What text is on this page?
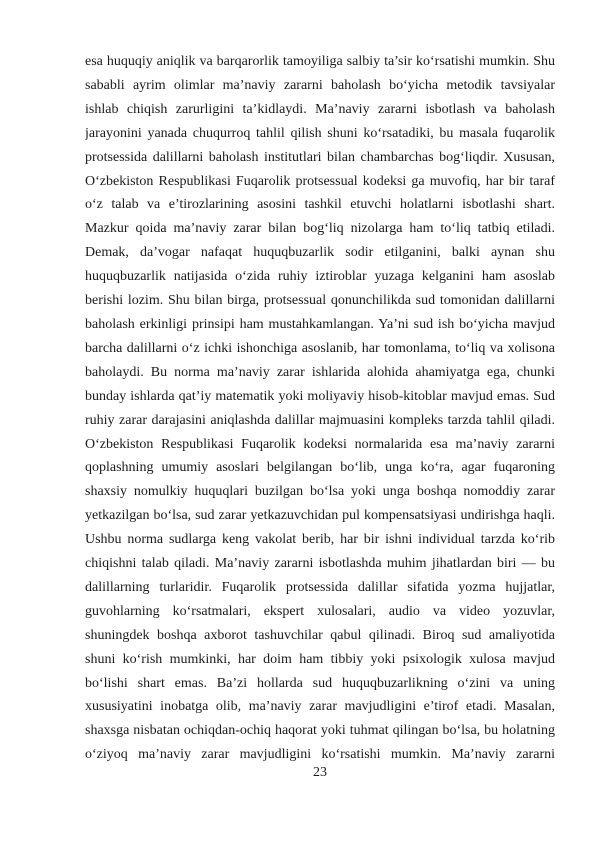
esa huquqiy aniqlik va barqarorlik tamoyiliga salbiy ta’sir ko‘rsatishi mumkin. Shu
sababli ayrim olimlar ma’naviy zararni baholash bo‘yicha metodik tavsiyalar
ishlab chiqish zarurligini ta’kidlaydi. Ma’naviy zararni isbotlash va baholash
jarayonini yanada chuqurroq tahlil qilish shuni ko‘rsatadiki, bu masala fuqarolik
protsessida dalillarni baholash institutlari bilan chambarchas bog‘liqdir. Xususan,
O‘zbekiston Respublikasi Fuqarolik protsessual kodeksi ga muvofiq, har bir taraf
o‘z talab va e’tirozlarining asosini tashkil etuvchi holatlarni isbotlashi shart.
Mazkur qoida ma’naviy zarar bilan bog‘liq nizolarga ham to‘liq tatbiq etiladi.
Demak, da’vogar nafaqat huquqbuzarlik sodir etilganini, balki aynan shu
huquqbuzarlik natijasida o‘zida ruhiy iztiroblar yuzaga kelganini ham asoslab
berishi lozim. Shu bilan birga, protsessual qonunchilikda sud tomonidan dalillarni
baholash erkinligi prinsipi ham mustahkamlangan. Ya’ni sud ish bo‘yicha mavjud
barcha dalillarni o‘z ichki ishonchiga asoslanib, har tomonlama, to‘liq va xolisona
baholaydi. Bu norma ma’naviy zarar ishlarida alohida ahamiyatga ega, chunki
bunday ishlarda qat’iy matematik yoki moliyaviy hisob-kitoblar mavjud emas. Sud
ruhiy zarar darajasini aniqlashda dalillar majmuasini kompleks tarzda tahlil qiladi.
O‘zbekiston Respublikasi Fuqarolik kodeksi normalarida esa ma’naviy zararni
qoplashning umumiy asoslari belgilangan bo‘lib, unga ko‘ra, agar fuqaroning
shaxsiy nomulkiy huquqlari buzilgan bo‘lsa yoki unga boshqa nomoddiy zarar
yetkazilgan bo‘lsa, sud zarar yetkazuvchidan pul kompensatsiyasi undirishga haqli.
Ushbu norma sudlarga keng vakolat berib, har bir ishni individual tarzda ko‘rib
chiqishni talab qiladi. Ma’naviy zararni isbotlashda muhim jihatlardan biri — bu
dalillarning turlaridir. Fuqarolik protsessida dalillar sifatida yozma hujjatlar,
guvohlarning ko‘rsatmalari, ekspert xulosalari, audio va video yozuvlar,
shuningdek boshqa axborot tashuvchilar qabul qilinadi. Biroq sud amaliyotida
shuni ko‘rish mumkinki, har doim ham tibbiy yoki psixologik xulosa mavjud
bo‘lishi shart emas. Ba’zi hollarda sud huquqbuzarlikning o‘zini va uning
xususiyatini inobatga olib, ma’naviy zarar mavjudligini e’tirof etadi. Masalan,
shaxsga nisbatan ochiqdan-ochiq haqorat yoki tuhmat qilingan bo‘lsa, bu holatning
o‘ziyoq ma’naviy zarar mavjudligini ko‘rsatishi mumkin. Ma’naviy zararni
23
